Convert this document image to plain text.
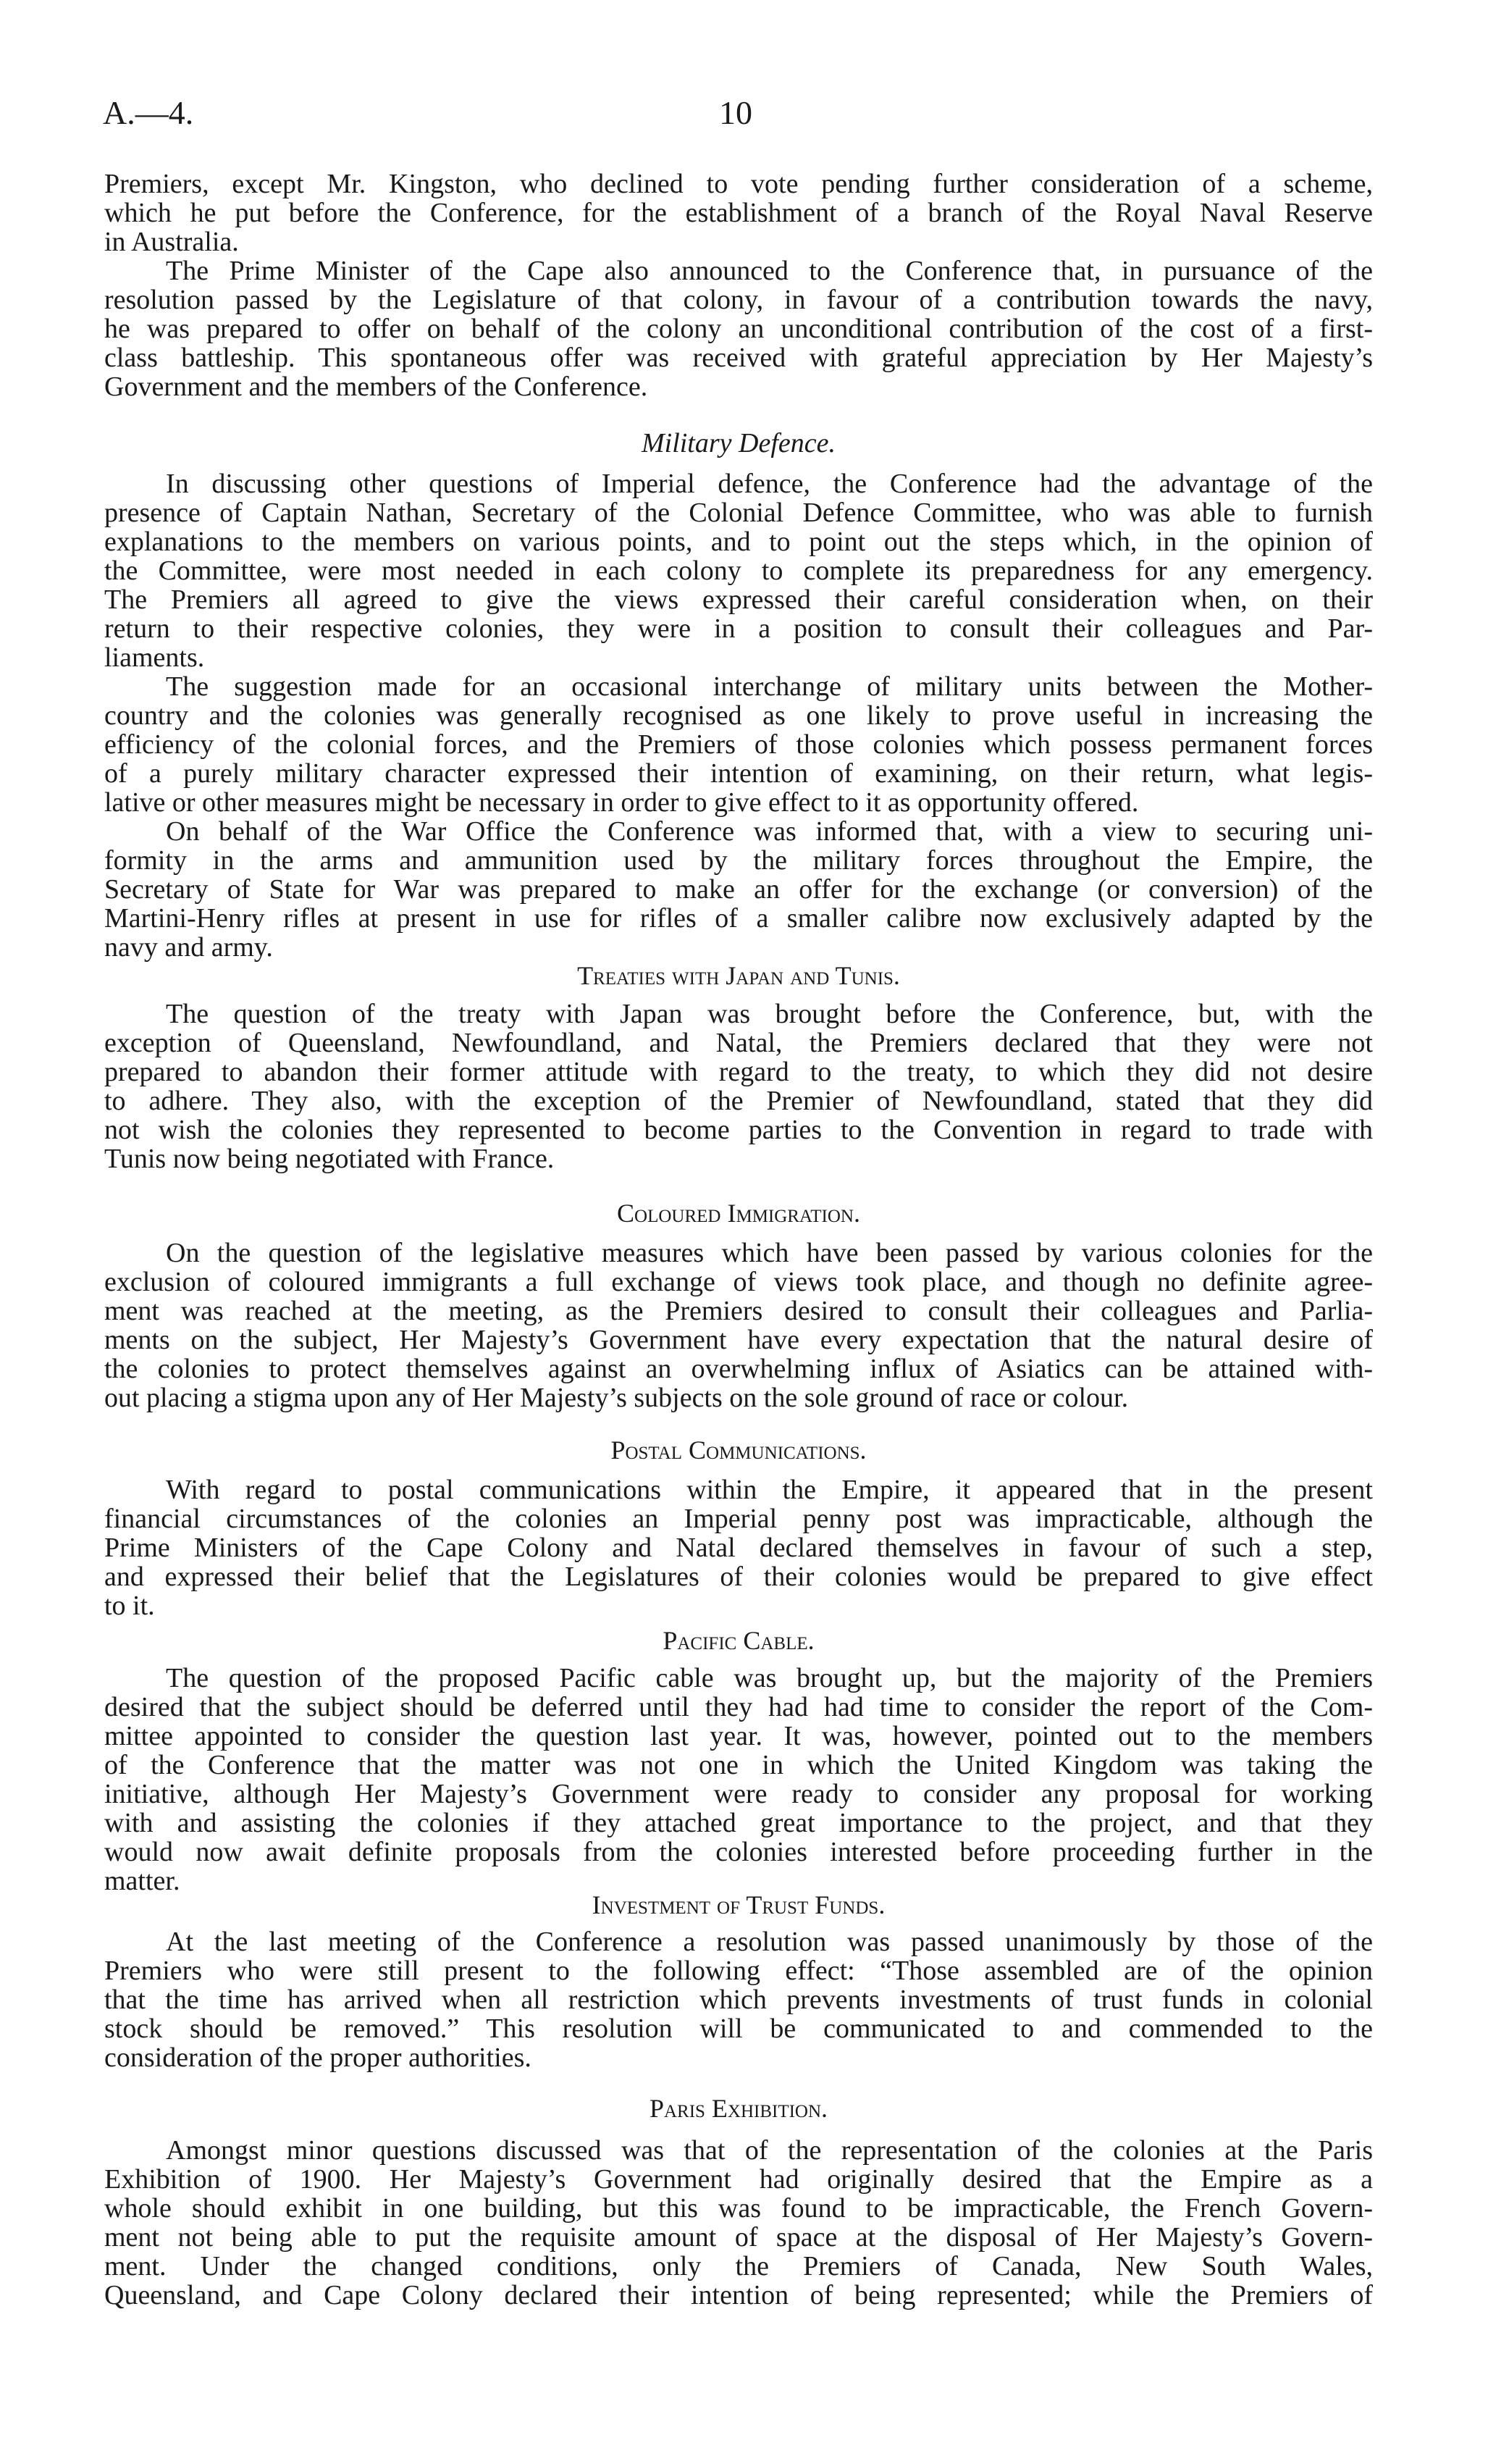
A.—4.	10
Premiers, except Mr. Kingston, who declined to vote pending further consideration of a scheme,
which he put before the Conference, for the establishment of a branch of the Royal Naval Reserve
in Australia.
The Prime Minister of the Cape also announced to the Conference that, in pursuance of the
resolution passed by the Legislature of that colony, in favour of a contribution towards the navy,
he was prepared to offer on behalf of the colony an unconditional contribution of the cost of a first-
class battleship. This spontaneous offer was received with grateful appreciation by Her Majesty’s
Government and the members of the Conference.
Military Defence.
In discussing other questions of Imperial defence, the Conference had the advantage of the
presence of Captain Nathan, Secretary of the Colonial Defence Committee, who was able to furnish
explanations to the members on various points, and to point out the steps which, in the opinion of
the Committee, were most needed in each colony to complete its preparedness for any emergency.
The Premiers all agreed to give the views expressed their careful consideration when, on their
return to their respective colonies, they were in a position to consult their colleagues and Par-
liaments.
The suggestion made for an occasional interchange of military units between the Mother-
country and the colonies was generally recognised as one likely to prove useful in increasing the
efficiency of the colonial forces, and the Premiers of those colonies which possess permanent forces
of a purely military character expressed their intention of examining, on their return, what legis-
lative or other measures might be necessary in order to give effect to it as opportunity offered.
On behalf of the War Office the Conference was informed that, with a view to securing uni-
formity in the arms and ammunition used by the military forces throughout the Empire, the
Secretary of State for War was prepared to make an offer for the exchange (or conversion) of the
Martini-Henry rifles at present in use for rifles of a smaller calibre now exclusively adapted by the
navy and army.
Treaties with Japan and Tunis.
The question of the treaty with Japan was brought before the Conference, but, with the
exception of Queensland, Newfoundland, and Natal, the Premiers declared that they were not
prepared to abandon their former attitude with regard to the treaty, to which they did not desire
to adhere. They also, with the exception of the Premier of Newfoundland, stated that they did
not wish the colonies they represented to become parties to the Convention in regard to trade with
Tunis now being negotiated with France.
Coloured Immigration.
On the question of the legislative measures which have been passed by various colonies for the
exclusion of coloured immigrants a full exchange of views took place, and though no definite agree-
ment was reached at the meeting, as the Premiers desired to consult their colleagues and Parlia-
ments on the subject, Her Majesty’s Government have every expectation that the natural desire of
the colonies to protect themselves against an overwhelming influx of Asiatics can be attained with-
out placing a stigma upon any of Her Majesty’s subjects on the sole ground of race or colour.
Postal Communications.
With regard to postal communications within the Empire, it appeared that in the present
financial circumstances of the colonies an Imperial penny post was impracticable, although the
Prime Ministers of the Cape Colony and Natal declared themselves in favour of such a step,
and expressed their belief that the Legislatures of their colonies would be prepared to give effect
to it.
Pacific Cable.
The question of the proposed Pacific cable was brought up, but the majority of the Premiers
desired that the subject should be deferred until they had had time to consider the report of the Com-
mittee appointed to consider the question last year. It was, however, pointed out to the members
of the Conference that the matter was not one in which the United Kingdom was taking the
initiative, although Her Majesty’s Government were ready to consider any proposal for working
with and assisting the colonies if they attached great importance to the project, and that they
would now await definite proposals from the colonies interested before proceeding further in the
matter.
Investment of Trust Funds.
At the last meeting of the Conference a resolution was passed unanimously by those of the
Premiers who were still present to the following effect: “Those assembled are of the opinion
that the time has arrived when all restriction which prevents investments of trust funds in colonial
stock should be removed.” This resolution will be communicated to and commended to the
consideration of the proper authorities.
Paris Exhibition.
Amongst minor questions discussed was that of the representation of the colonies at the Paris
Exhibition of 1900. Her Majesty’s Government had originally desired that the Empire as a
whole should exhibit in one building, but this was found to be impracticable, the French Govern-
ment not being able to put the requisite amount of space at the disposal of Her Majesty’s Govern-
ment. Under the changed conditions, only the Premiers of Canada, New South Wales,
Queensland, and Cape Colony declared their intention of being represented; while the Premiers of
